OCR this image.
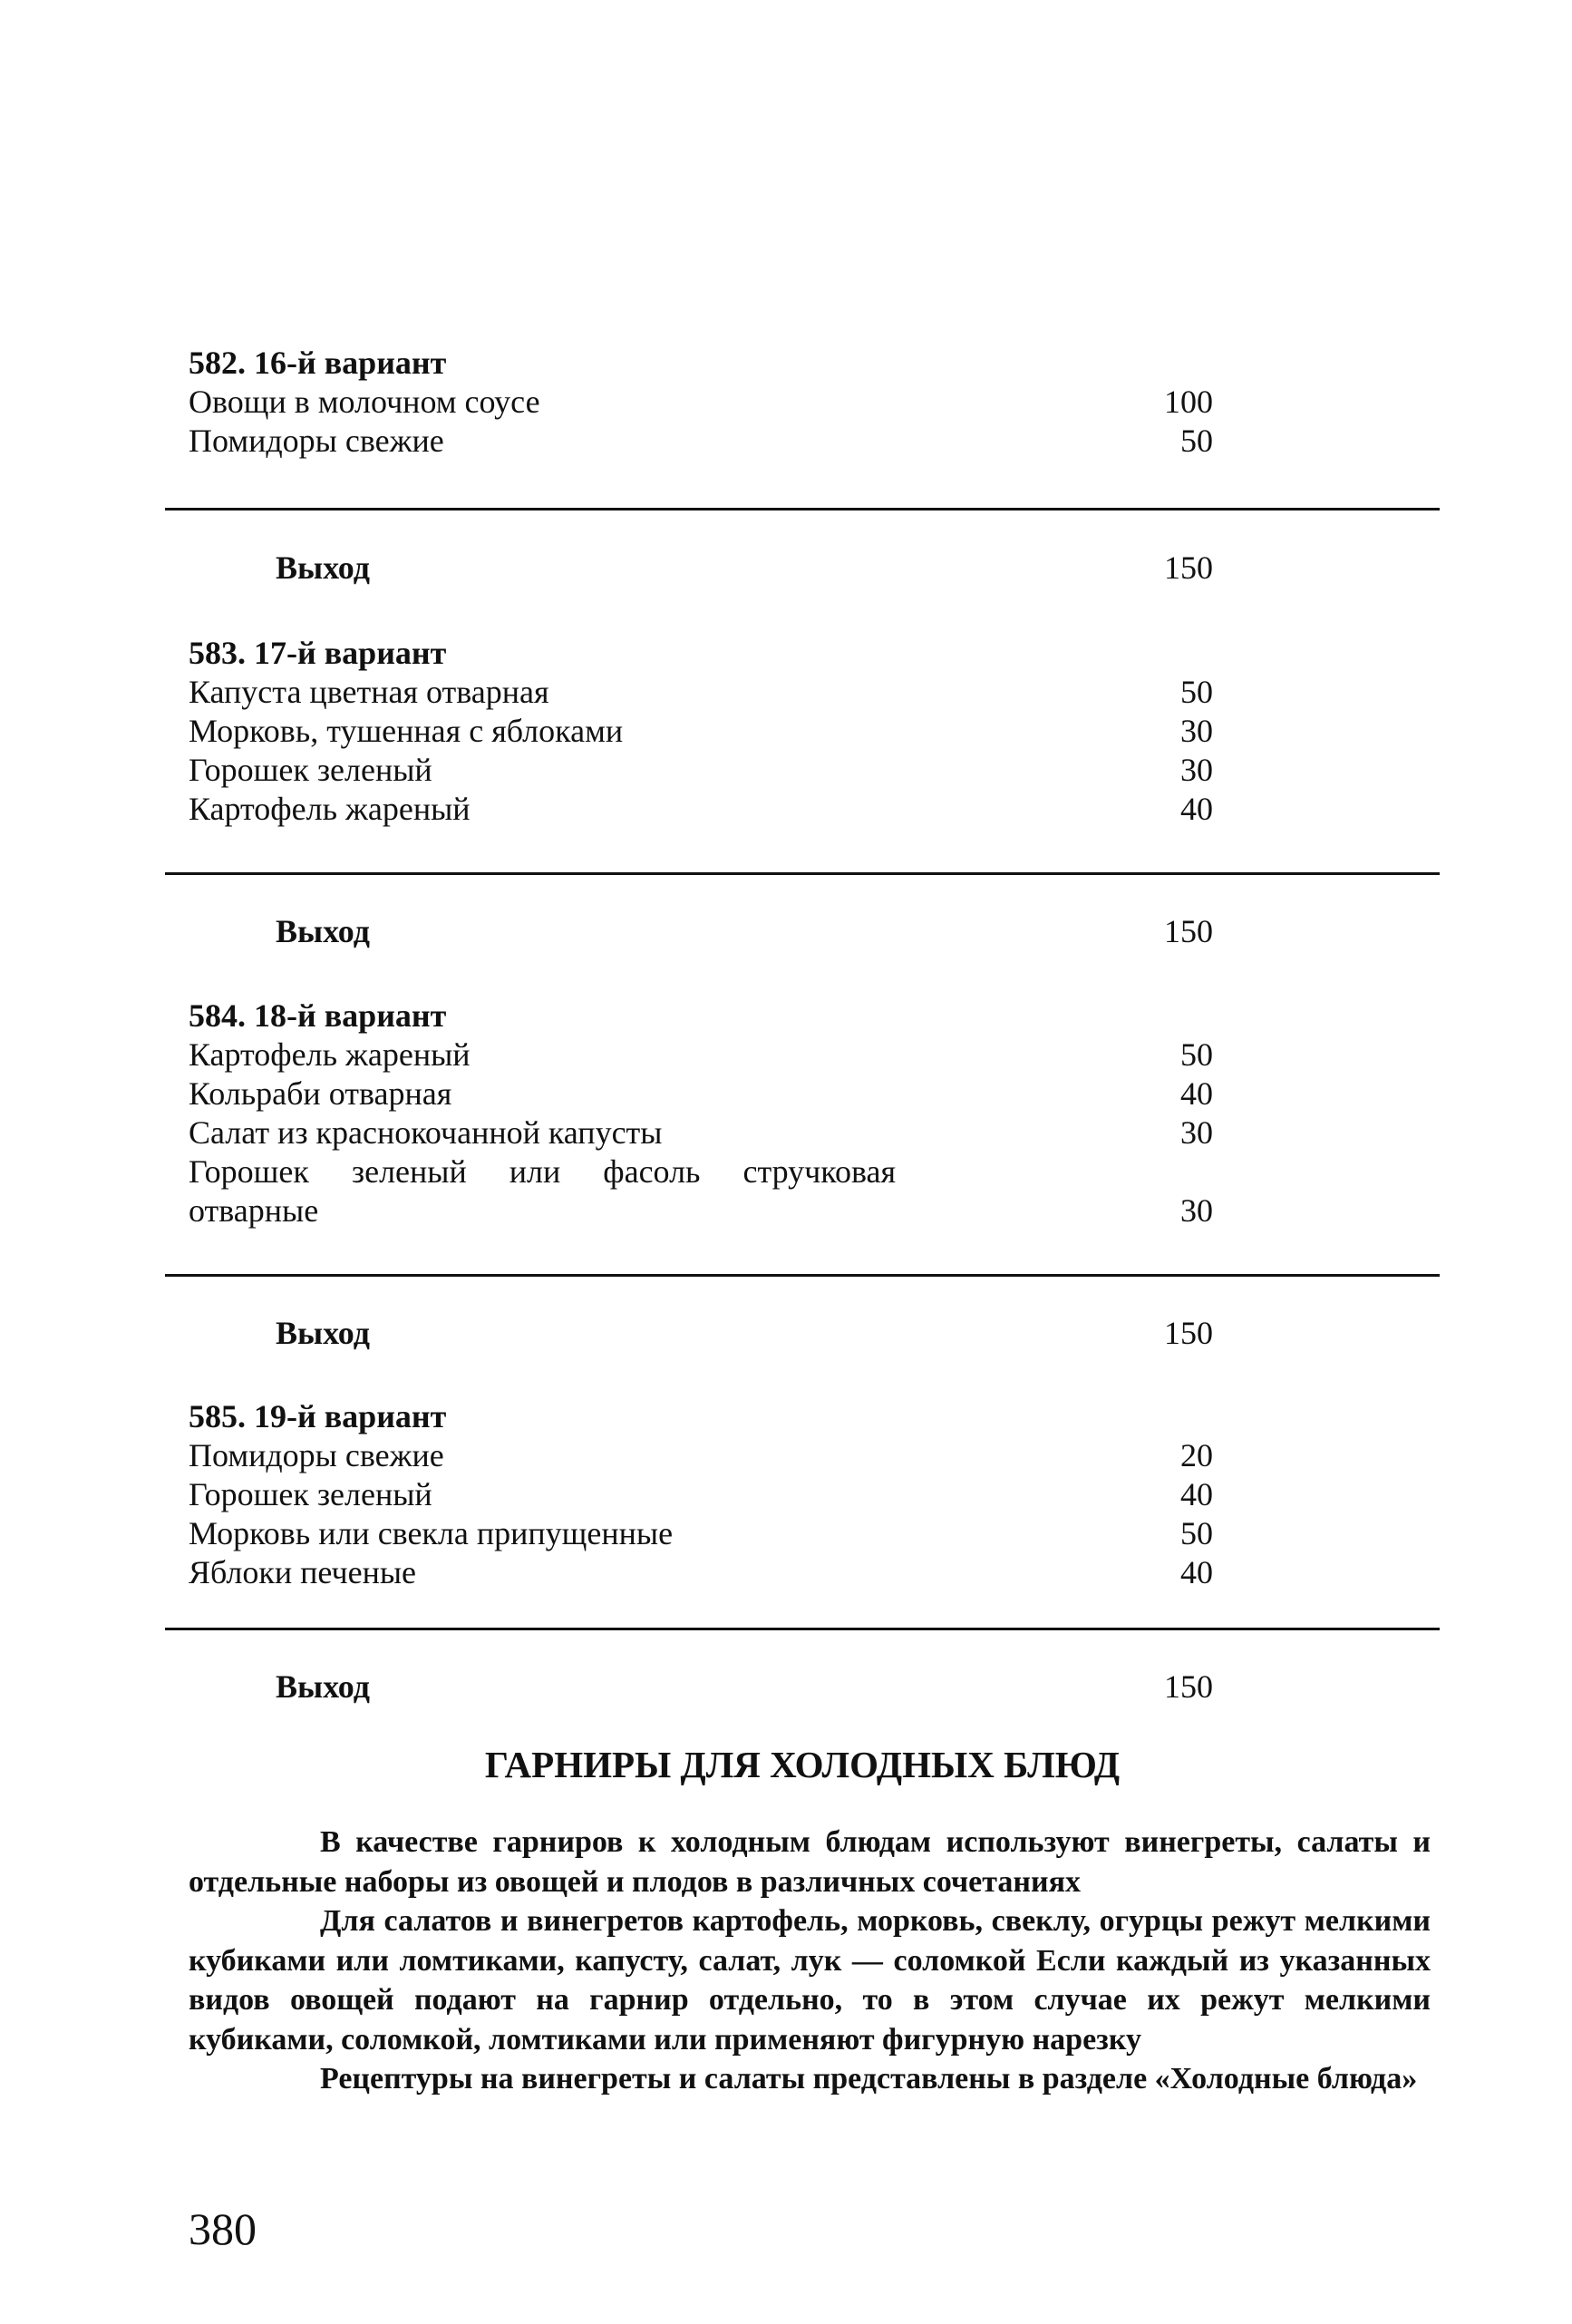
582. 16-й вариант
Овощи в молочном соусе	100
Помидоры свежие	50
Выход	150
583. 17-й вариант
Капуста цветная отварная	50
Морковь, тушенная с яблоками	30
Горошек зеленый	30
Картофель жареный	40
Выход	150
584. 18-й вариант
Картофель жареный	50
Кольраби отварная	40
Салат из краснокочанной капусты	30
Горошек зеленый или фасоль стручковая отварные	30
Выход	150
585. 19-й вариант
Помидоры свежие	20
Горошек зеленый	40
Морковь или свекла припущенные	50
Яблоки печеные	40
Выход	150
ГАРНИРЫ ДЛЯ ХОЛОДНЫХ БЛЮД

В качестве гарниров к холодным блюдам используют винегреты, салаты и отдельные наборы из овощей и плодов в различных сочетаниях

Для салатов и винегретов картофель, морковь, свеклу, огурцы режут мелкими кубиками или ломтиками, капусту, салат, лук — соломкой Если каждый из указанных видов овощей подают на гарнир отдельно, то в этом случае их режут мелкими кубиками, соломкой, ломтиками или применяют фигурную нарезку

Рецептуры на винегреты и салаты представлены в разделе «Холодные блюда»

380
